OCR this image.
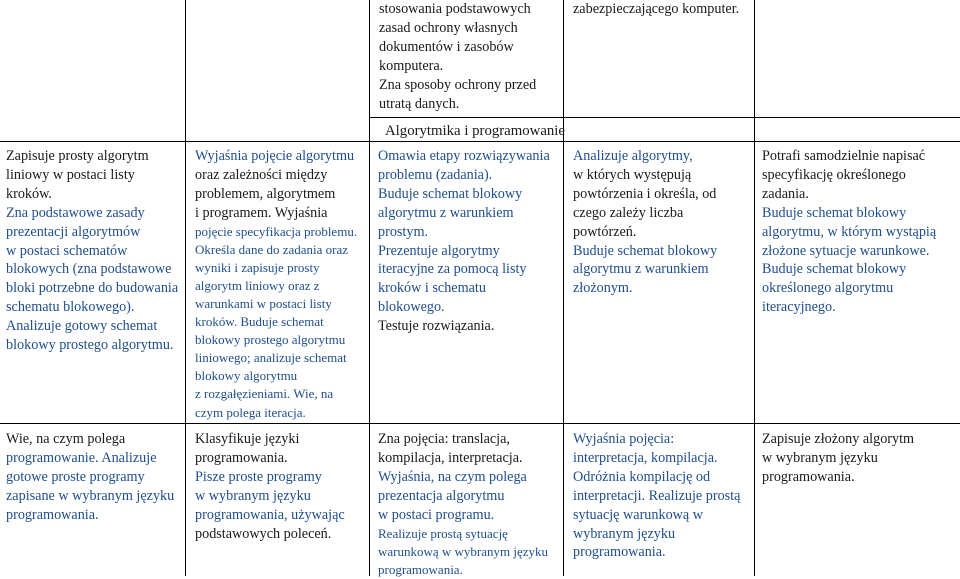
stosowania podstawowych
zasad ochrony własnych
dokumentów i zasobów
komputera.
Zna sposoby ochrony przed
utratą danych.
zabezpieczającego komputer.
Algorytmika i programowanie
Zapisuje prosty algorytm
liniowy w postaci listy
kroków.
Zna podstawowe zasady
prezentacji algorytmów
w postaci schematów
blokowych (zna podstawowe
bloki potrzebne do budowania
schematu blokowego).
Analizuje gotowy schemat
blokowy prostego algorytmu.
Wyjaśnia pojęcie algorytmu
oraz zależności między
problemem, algorytmem
i programem. Wyjaśnia
pojęcie specyfikacja problemu.
Określa dane do zadania oraz
wyniki i zapisuje prosty
algorytm liniowy oraz z
warunkami w postaci listy
kroków. Buduje schemat
blokowy prostego algorytmu
liniowego; analizuje schemat
blokowy algorytmu
z rozgałęzieniami. Wie, na
czym polega iteracja.
Omawia etapy rozwiązywania
problemu (zadania).
Buduje schemat blokowy
algorytmu z warunkiem
prostym.
Prezentuje algorytmy
iteracyjne za pomocą listy
kroków i schematu
blokowego.
Testuje rozwiązania.
Analizuje algorytmy,
w których występują
powtórzenia i określa, od
czego zależy liczba
powtórzeń.
Buduje schemat blokowy
algorytmu z warunkiem
złożonym.
Potrafi samodzielnie napisać
specyfikację określonego
zadania.
Buduje schemat blokowy
algorytmu, w którym wystąpią
złożone sytuacje warunkowe.
Buduje schemat blokowy
określonego algorytmu
iteracyjnego.
Wie, na czym polega
programowanie. Analizuje
gotowe proste programy
zapisane w wybranym języku
programowania.
Klasyfikuje języki
programowania.
Pisze proste programy
w wybranym języku
programowania, używając
podstawowych poleceń.
Zna pojęcia: translacja,
kompilacja, interpretacja.
Wyjaśnia, na czym polega
prezentacja algorytmu
w postaci programu.
Realizuje prostą sytuację
warunkową w wybranym języku
programowania.
Wyjaśnia pojęcia:
interpretacja, kompilacja.
Odróżnia kompilację od
interpretacji. Realizuje prostą
sytuację warunkową w
wybranym języku
programowania.
Zapisuje złożony algorytm
w wybranym języku
programowania.
